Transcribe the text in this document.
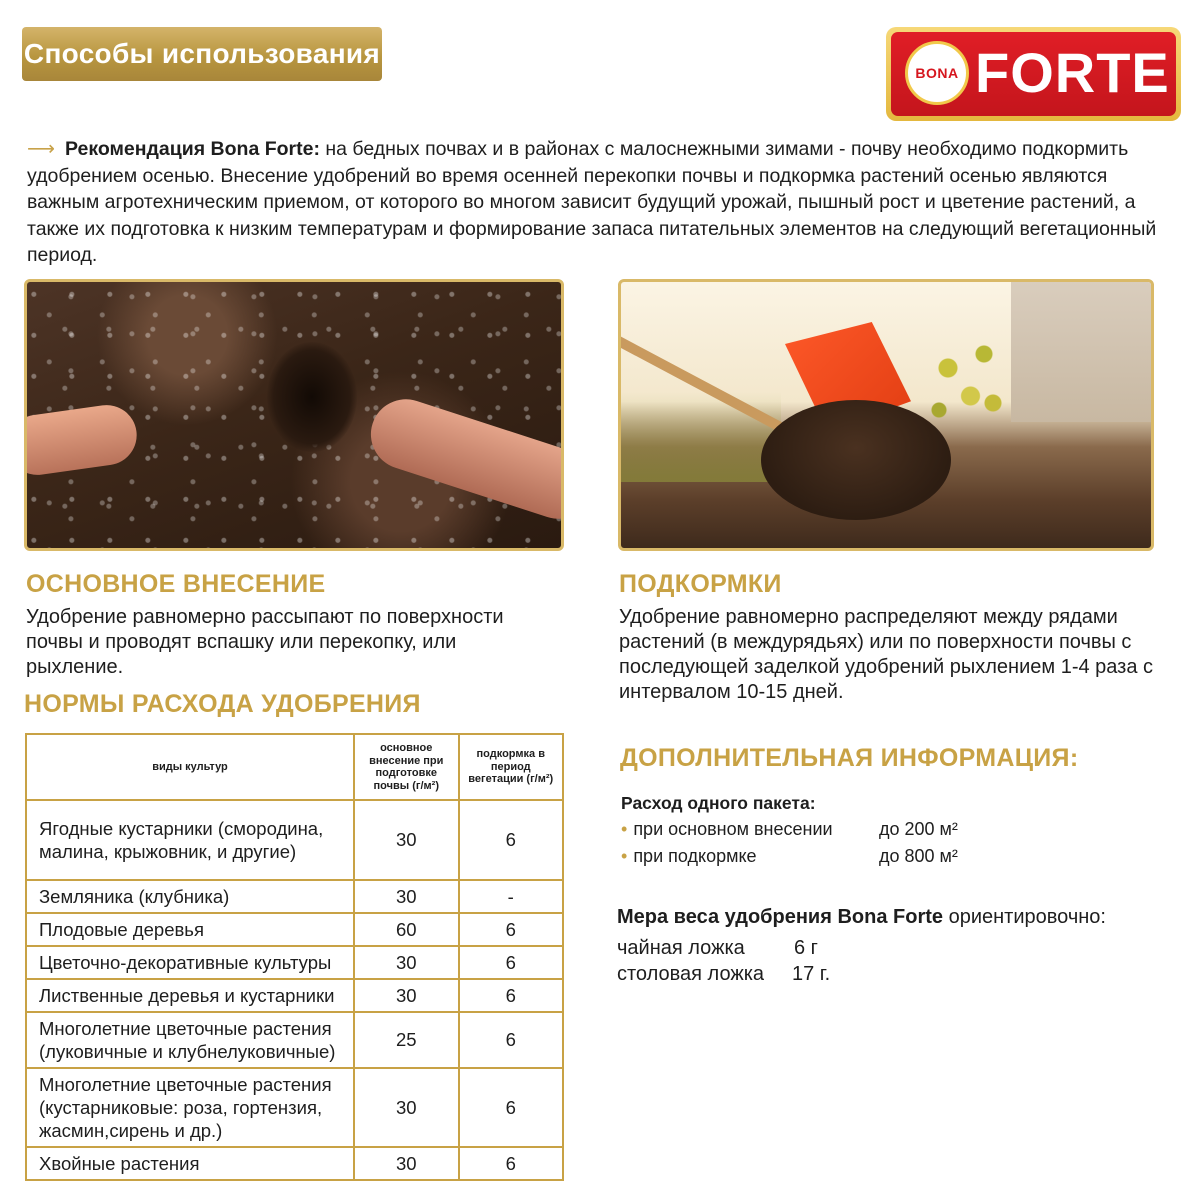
Способы использования
BONA FORTE

⟶ Рекомендация Bona Forte: на бедных почвах и в районах с малоснежными зимами - почву необходимо подкормить удобрением осенью. Внесение удобрений во время осенней перекопки почвы и подкормка растений осенью являются важным агротехническим приемом, от которого во многом зависит будущий урожай, пышный рост и цветение растений, а также их подготовка к низким температурам и формирование запаса питательных элементов на следующий вегетационный период.

ОСНОВНОЕ ВНЕСЕНИЕ

Удобрение равномерно рассыпают по поверхности почвы и проводят вспашку или перекопку, или рыхление.

ПОДКОРМКИ

Удобрение равномерно распределяют между рядами растений (в междурядьях) или по поверхности почвы с последующей заделкой удобрений рыхлением 1-4 раза с интервалом 10-15 дней.

НОРМЫ РАСХОДА УДОБРЕНИЯ
виды культур	основное внесение при подготовке почвы (г/м²)	подкормка в период вегетации (г/м²)
Ягодные кустарники (смородина, малина, крыжовник, и другие)	30	6
Земляника (клубника)	30	-
Плодовые деревья	60	6
Цветочно-декоративные культуры	30	6
Лиственные деревья и кустарники	30	6
Многолетние цветочные растения (луковичные и клубнелуковичные)	25	6
Многолетние цветочные растения (кустарниковые: роза, гортензия, жасмин,сирень и др.)	30	6
Хвойные растения	30	6
ДОПОЛНИТЕЛЬНАЯ ИНФОРМАЦИЯ:
Расход одного пакета:
• при основном внесении	до 200 м²
• при подкормке	до 800 м²
Мера веса удобрения Bona Forte ориентировочно:
чайная ложка 6 г
столовая ложка 17 г.
